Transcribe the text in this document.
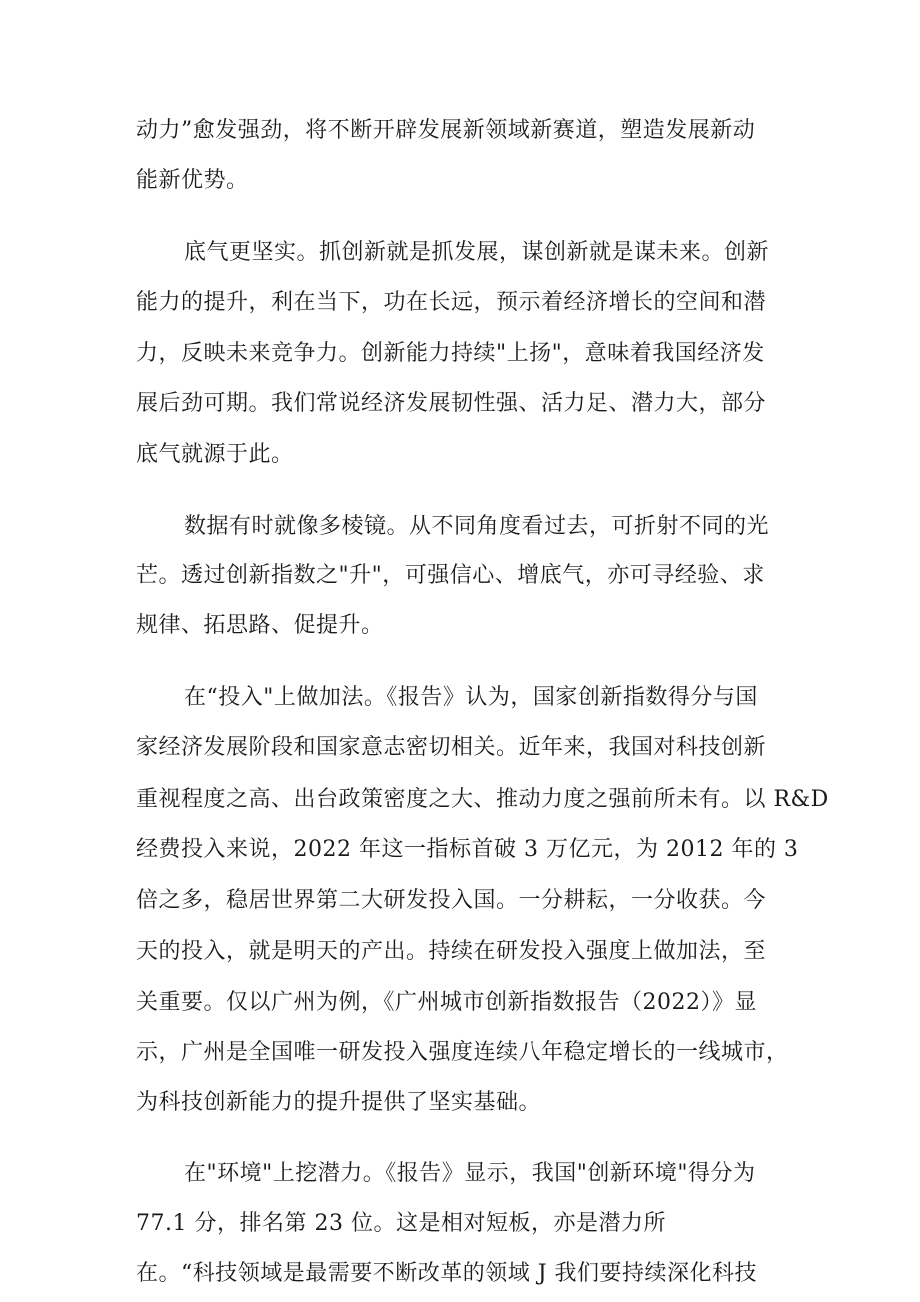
动力”愈发强劲，将不断开辟发展新领域新赛道，塑造发展新动
能新优势。
底气更坚实。抓创新就是抓发展，谋创新就是谋未来。创新
能力的提升，利在当下，功在长远，预示着经济增长的空间和潜
力，反映未来竞争力。创新能力持续"上扬"，意味着我国经济发
展后劲可期。我们常说经济发展韧性强、活力足、潜力大，部分
底气就源于此。
数据有时就像多棱镜。从不同角度看过去，可折射不同的光
芒。透过创新指数之"升"，可强信心、增底气，亦可寻经验、求
规律、拓思路、促提升。
在“投入"上做加法。《报告》认为，国家创新指数得分与国
家经济发展阶段和国家意志密切相关。近年来，我国对科技创新
重视程度之高、出台政策密度之大、推动力度之强前所未有。以 R&D
经费投入来说，2022 年这一指标首破 3 万亿元，为 2012 年的 3
倍之多，稳居世界第二大研发投入国。一分耕耘，一分收获。今
天的投入，就是明天的产出。持续在研发投入强度上做加法，至
关重要。仅以广州为例，《广州城市创新指数报告（2022）》显
示，广州是全国唯一研发投入强度连续八年稳定增长的一线城市，
为科技创新能力的提升提供了坚实基础。
在"环境"上挖潜力。《报告》显示，我国"创新环境"得分为
77.1 分，排名第 23 位。这是相对短板，亦是潜力所
在。“科技领域是最需要不断改革的领域 J 我们要持续深化科技
